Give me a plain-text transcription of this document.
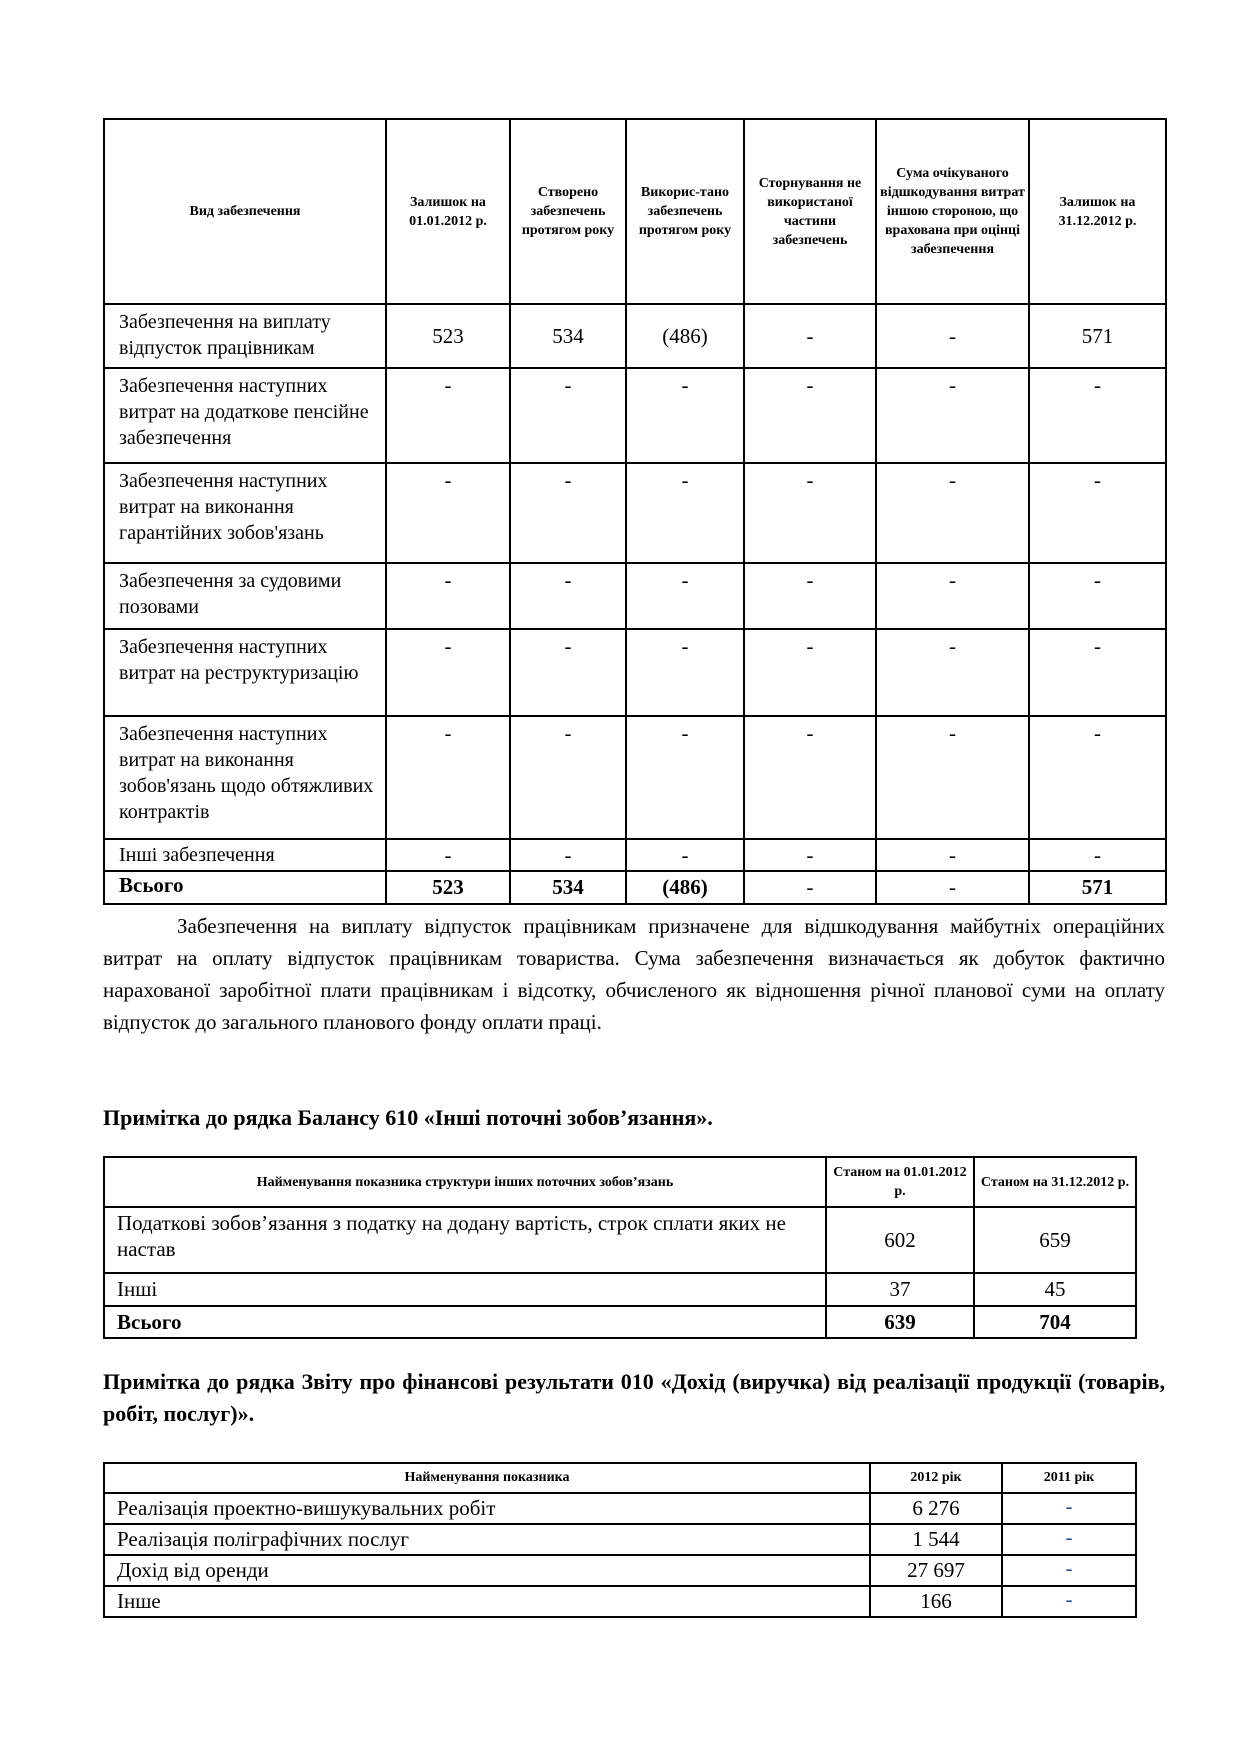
Вид забезпечення	Залишок на 01.01.2012 р.	Створено забезпечень протягом року	Викорис-тано забезпечень протягом року	Сторнування не використаної частини забезпечень	Сума очікуваного відшкодування витрат іншою стороною, що врахована при оцінці забезпечення	Залишок на 31.12.2012 р.
Забезпечення на виплату відпусток працівникам	523	534	(486)	-	-	571
Забезпечення наступних витрат на додаткове пенсійне забезпечення	-	-	-	-	-	-
Забезпечення наступних витрат на виконання гарантійних зобов'язань	-	-	-	-	-	-
Забезпечення за судовими позовами	-	-	-	-	-	-
Забезпечення наступних витрат на реструктуризацію	-	-	-	-	-	-
Забезпечення наступних витрат на виконання зобов'язань щодо обтяжливих контрактів	-	-	-	-	-	-
Інші забезпечення	-	-	-	-	-	-
Всього	523	534	(486)	-	-	571

Забезпечення на виплату відпусток працівникам призначене для відшкодування майбутніх операційних витрат на оплату відпусток працівникам товариства. Сума забезпечення визначається як добуток фактично нарахованої заробітної плати працівникам і відсотку, обчисленого як відношення річної планової суми на оплату відпусток до загального планового фонду оплати праці.

Примітка до рядка Балансу 610 «Інші поточні зобов’язання».

Найменування показника структури інших поточних зобов’язань	Станом на 01.01.2012 р.	Станом на 31.12.2012 р.
Податкові зобов’язання з податку на додану вартість, строк сплати яких не настав	602	659
Інші	37	45
Всього	639	704

Примітка до рядка Звіту про фінансові результати 010 «Дохід (виручка) від реалізації продукції (товарів, робіт, послуг)».

Найменування показника	2012 рік	2011 рік
Реалізація проектно-вишукувальних робіт	6 276	-
Реалізація поліграфічних послуг	1 544	-
Дохід від оренди	27 697	-
Інше	166	-
